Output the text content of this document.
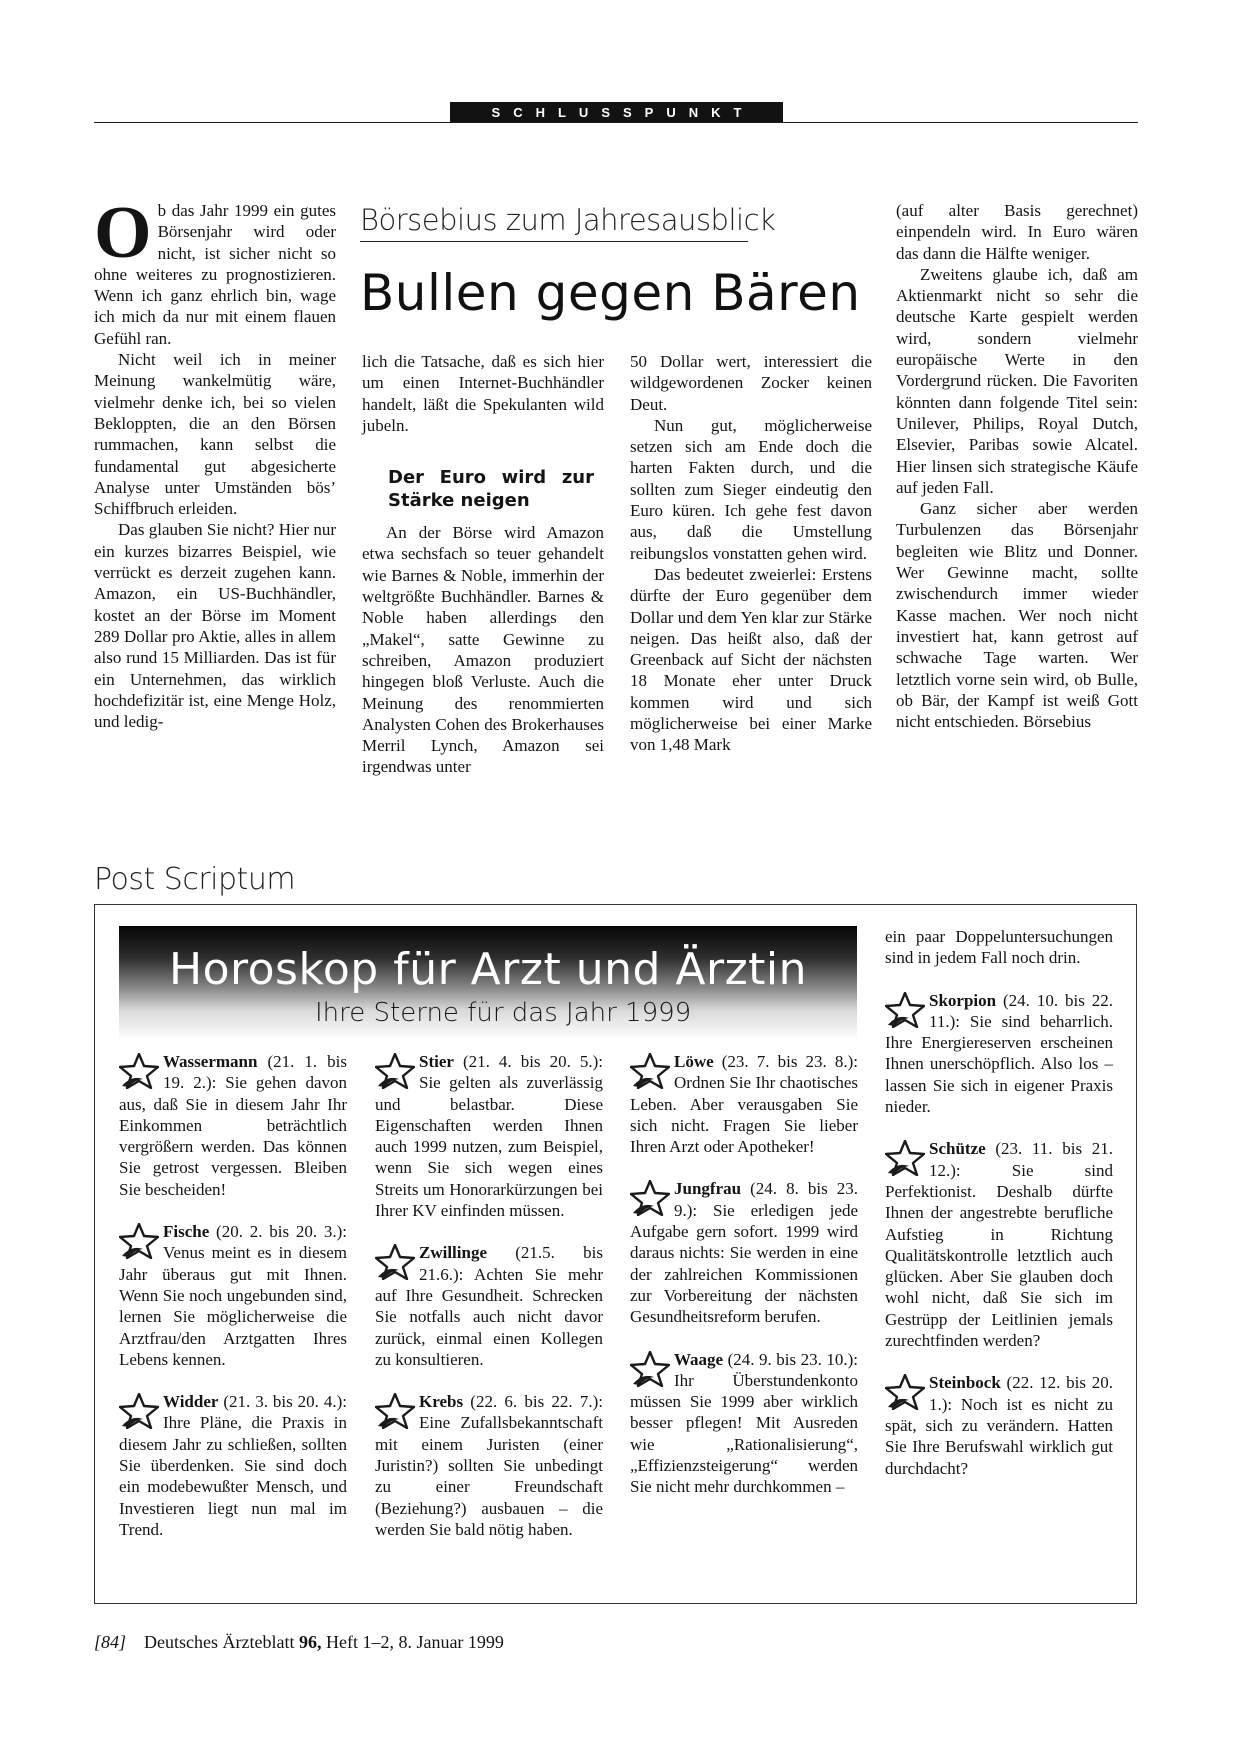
SCHLUSSPUNKT

Ob das Jahr 1999 ein gutes Börsenjahr wird oder nicht, ist sicher nicht so ohne weiteres zu prognostizieren. Wenn ich ganz ehrlich bin, wage ich mich da nur mit einem flauen Gefühl ran.

Nicht weil ich in meiner Meinung wankelmütig wäre, vielmehr denke ich, bei so vielen Bekloppten, die an den Börsen rummachen, kann selbst die fundamental gut abgesicherte Analyse unter Umständen bös’ Schiffbruch erleiden.

Das glauben Sie nicht? Hier nur ein kurzes bizarres Beispiel, wie verrückt es derzeit zugehen kann. Amazon, ein US-Buchhändler, kostet an der Börse im Moment 289 Dollar pro Aktie, alles in allem also rund 15 Milliarden. Das ist für ein Unternehmen, das wirklich hochdefizitär ist, eine Menge Holz, und ledig-

Börsebius zum Jahresausblick
Bullen gegen Bären

lich die Tatsache, daß es sich hier um einen Internet-Buchhändler handelt, läßt die Spekulanten wild jubeln.

Der Euro wird zur Stärke neigen

An der Börse wird Amazon etwa sechsfach so teuer gehandelt wie Barnes & Noble, immerhin der weltgrößte Buchhändler. Barnes & Noble haben allerdings den „Makel“, satte Gewinne zu schreiben, Amazon produziert hingegen bloß Verluste. Auch die Meinung des renommierten Analysten Cohen des Brokerhauses Merril Lynch, Amazon sei irgendwas unter

50 Dollar wert, interessiert die wildgewordenen Zocker keinen Deut.

Nun gut, möglicherweise setzen sich am Ende doch die harten Fakten durch, und die sollten zum Sieger eindeutig den Euro küren. Ich gehe fest davon aus, daß die Umstellung reibungslos vonstatten gehen wird.

Das bedeutet zweierlei: Erstens dürfte der Euro gegenüber dem Dollar und dem Yen klar zur Stärke neigen. Das heißt also, daß der Greenback auf Sicht der nächsten 18 Monate eher unter Druck kommen wird und sich möglicherweise bei einer Marke von 1,48 Mark

(auf alter Basis gerechnet) einpendeln wird. In Euro wären das dann die Hälfte weniger.

Zweitens glaube ich, daß am Aktienmarkt nicht so sehr die deutsche Karte gespielt werden wird, sondern vielmehr europäische Werte in den Vordergrund rücken. Die Favoriten könnten dann folgende Titel sein: Unilever, Philips, Royal Dutch, Elsevier, Paribas sowie Alcatel. Hier linsen sich strategische Käufe auf jeden Fall.

Ganz sicher aber werden Turbulenzen das Börsenjahr begleiten wie Blitz und Donner. Wer Gewinne macht, sollte zwischendurch immer wieder Kasse machen. Wer noch nicht investiert hat, kann getrost auf schwache Tage warten. Wer letztlich vorne sein wird, ob Bulle, ob Bär, der Kampf ist weiß Gott nicht entschieden. Börsebius

Post Scriptum
Horoskop für Arzt und Ärztin
Ihre Sterne für das Jahr 1999

Wassermann (21. 1. bis 19. 2.): Sie gehen davon aus, daß Sie in diesem Jahr Ihr Einkommen beträchtlich vergrößern werden. Das können Sie getrost vergessen. Bleiben Sie bescheiden!

Fische (20. 2. bis 20. 3.): Venus meint es in diesem Jahr überaus gut mit Ihnen. Wenn Sie noch ungebunden sind, lernen Sie möglicherweise die Arztfrau/den Arztgatten Ihres Lebens kennen.

Widder (21. 3. bis 20. 4.): Ihre Pläne, die Praxis in diesem Jahr zu schließen, sollten Sie überdenken. Sie sind doch ein modebewußter Mensch, und Investieren liegt nun mal im Trend.

Stier (21. 4. bis 20. 5.): Sie gelten als zuverlässig und belastbar. Diese Eigenschaften werden Ihnen auch 1999 nutzen, zum Beispiel, wenn Sie sich wegen eines Streits um Honorarkürzungen bei Ihrer KV einfinden müssen.

Zwillinge (21.5. bis 21.6.): Achten Sie mehr auf Ihre Gesundheit. Schrecken Sie notfalls auch nicht davor zurück, einmal einen Kollegen zu konsultieren.

Krebs (22. 6. bis 22. 7.): Eine Zufallsbekanntschaft mit einem Juristen (einer Juristin?) sollten Sie unbedingt zu einer Freundschaft (Beziehung?) ausbauen – die werden Sie bald nötig haben.

Löwe (23. 7. bis 23. 8.): Ordnen Sie Ihr chaotisches Leben. Aber verausgaben Sie sich nicht. Fragen Sie lieber Ihren Arzt oder Apotheker!

Jungfrau (24. 8. bis 23. 9.): Sie erledigen jede Aufgabe gern sofort. 1999 wird daraus nichts: Sie werden in eine der zahlreichen Kommissionen zur Vorbereitung der nächsten Gesundheitsreform berufen.

Waage (24. 9. bis 23. 10.): Ihr Überstundenkonto müssen Sie 1999 aber wirklich besser pflegen! Mit Ausreden wie „Rationalisierung“, „Effizienzsteigerung“ werden Sie nicht mehr durchkommen –

ein paar Doppeluntersuchungen sind in jedem Fall noch drin.

Skorpion (24. 10. bis 22. 11.): Sie sind beharrlich. Ihre Energiereserven erscheinen Ihnen unerschöpflich. Also los – lassen Sie sich in eigener Praxis nieder.

Schütze (23. 11. bis 21. 12.): Sie sind Perfektionist. Deshalb dürfte Ihnen der angestrebte berufliche Aufstieg in Richtung Qualitätskontrolle letztlich auch glücken. Aber Sie glauben doch wohl nicht, daß Sie sich im Gestrüpp der Leitlinien jemals zurechtfinden werden?

Steinbock (22. 12. bis 20. 1.): Noch ist es nicht zu spät, sich zu verändern. Hatten Sie Ihre Berufswahl wirklich gut durchdacht?

[84] Deutsches Ärzteblatt 96, Heft 1–2, 8. Januar 1999
